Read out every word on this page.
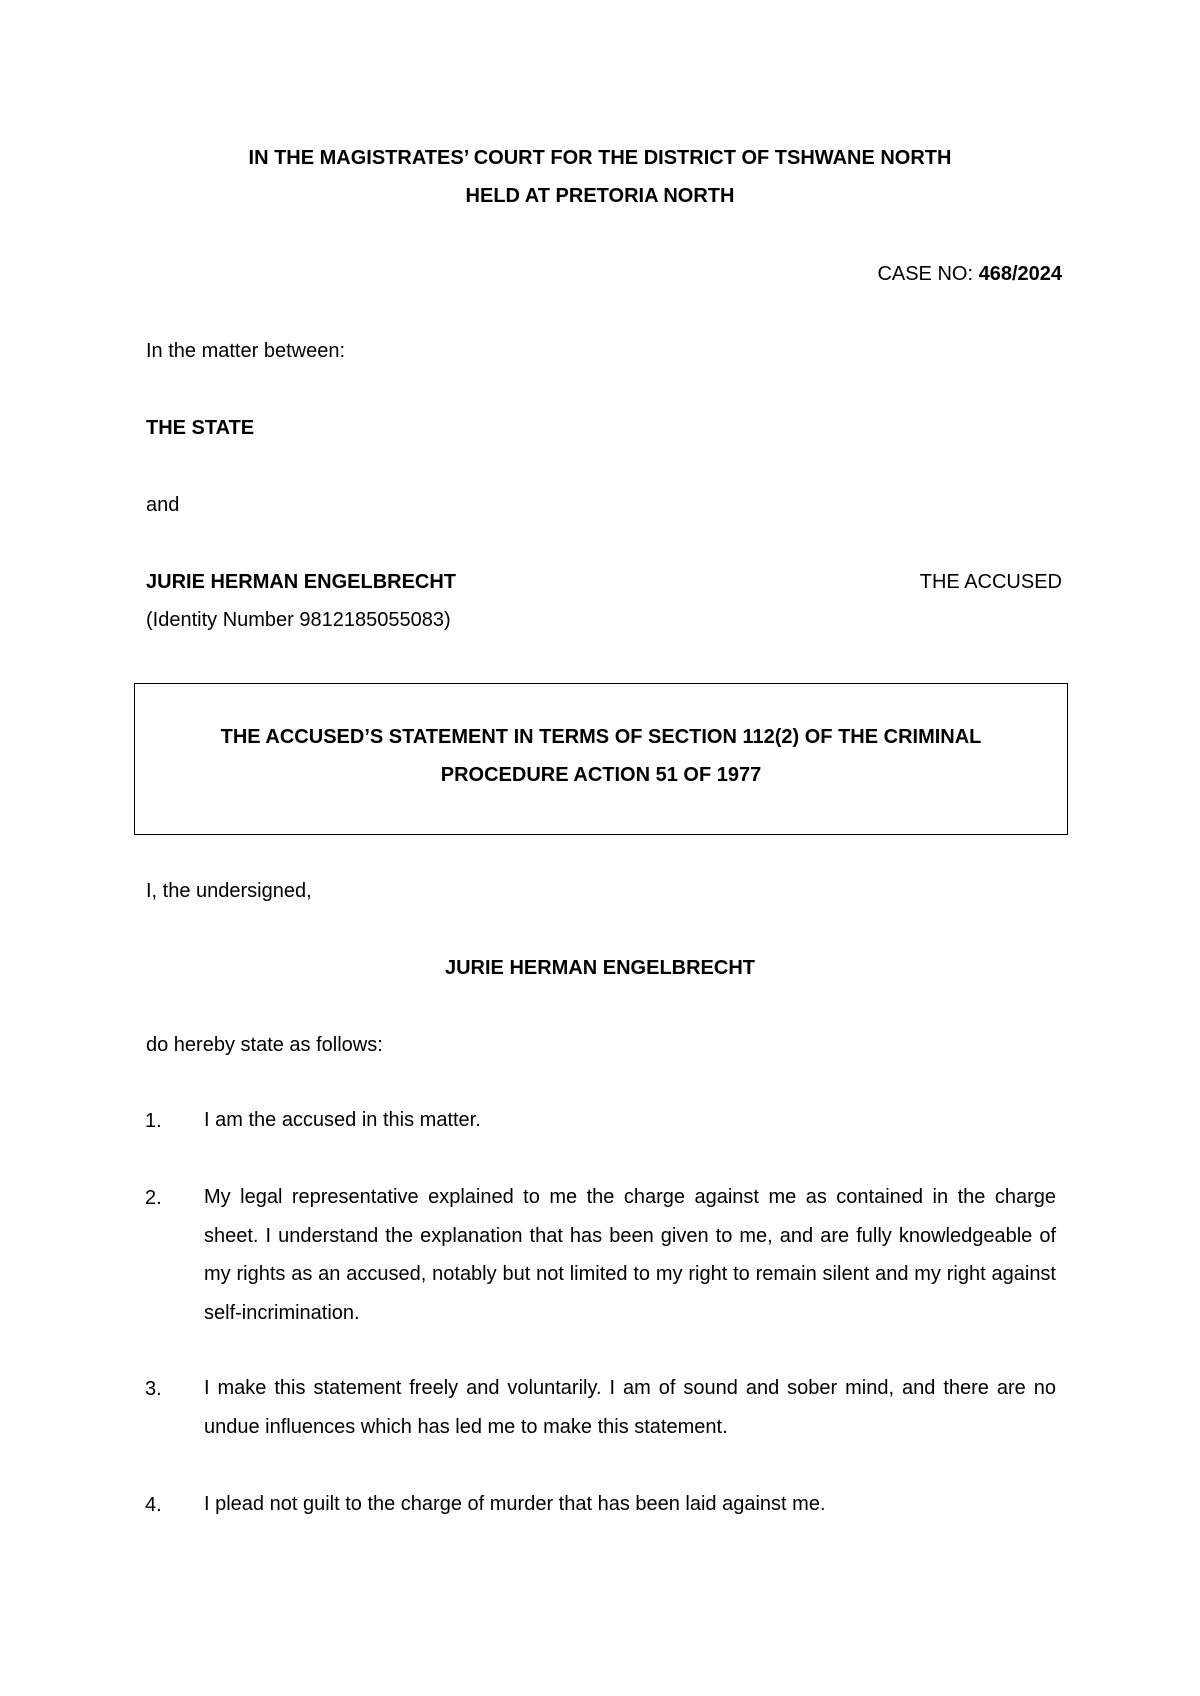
IN THE MAGISTRATES’ COURT FOR THE DISTRICT OF TSHWANE NORTH
HELD AT PRETORIA NORTH
CASE NO: 468/2024
In the matter between:
THE STATE
and
JURIE HERMAN ENGELBRECHT	THE ACCUSED
(Identity Number 9812185055083)
THE ACCUSED’S STATEMENT IN TERMS OF SECTION 112(2) OF THE CRIMINAL
PROCEDURE ACTION 51 OF 1977
I, the undersigned,
JURIE HERMAN ENGELBRECHT
do hereby state as follows:
1. I am the accused in this matter.
2. My legal representative explained to me the charge against me as contained in the charge sheet. I understand the explanation that has been given to me, and are fully knowledgeable of my rights as an accused, notably but not limited to my right to remain silent and my right against self-incrimination.
3. I make this statement freely and voluntarily. I am of sound and sober mind, and there are no undue influences which has led me to make this statement.
4. I plead not guilt to the charge of murder that has been laid against me.
